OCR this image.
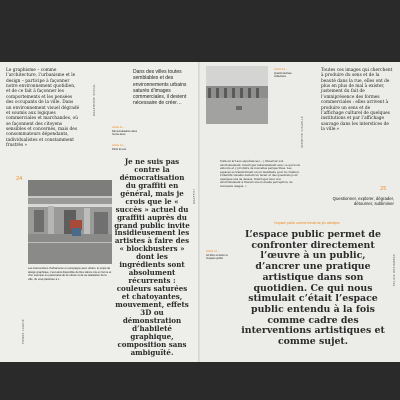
Le graphisme – comme l’architecture, l’urbanisme et le design – participe à façonner notre environnement quotidien, et de ce fait à façonner les comportements et les pensées des occupants de la ville. Dans un environnement visuel dégradé et soumis aux logiques commerciales et marchandes, où se façonnent des citoyens sensibles et concernés, mais des consommateurs dépendants, individualistes et constamment frustrés »
GRAPHISME SOCIAL
Dans des villes toutes semblables et des environnements urbains saturés d’images commerciales, il devient nécessaire de créer…
Article 11 –
Démocratisation dans l’entre-deux
Article 12 –
Partir le tout
24
PIERRE LARDIC
Les interventions d’urbanisme en campagne avec urbain, le projet de design graphique, il est ainsi disponible de Des Héros mis en forme et d’un exemple en partenariat de la culture et de sa réalisation de la ville, du veut plasticien à c.
Je ne suis pas contre la démocratisation du graffiti en général, mais je crois que le « succès » actuel du graffiti auprès du grand public invite insidieusement les artistes à faire des « blockbusters » dont les ingrédients sont absolument récurrents : couleurs saturées et chatoyantes, mouvement, effets 3D ou démonstration d’habileté graphique, composition sans ambiguïté.
GRAFFITI
Article 13 –
Quant’inactives collectives
IDENTITÉ VISUELLE
Toutes ces images qui cherchent à produire du sens et de la beauté dans la rue, elles ont de plus en plus de mal à exister, justement du fait de l’omniprésence des formes commerciales : elles arrivent à produire un sens et de l’affichage culturel de quelques institutions et par l’affichage sauvage dans les interstices de la ville.»
Voilà un art aux expériences (…) Observer son environnement, interroger naturellement avec ce qui nous entoure et y produire de nouvelles perspectives. Les espaces se transforment en un manifeste pour la création. L’identité visuelle devient un levier et des questions pour quelques-uns de dessus. Interroger avec son environnement à travers une nouvelle perception, de nouveaux usages. »
25
Questionner, explorer, dégrader, détourner, subliminer
l’espace public comme terrain de jeu artistique
Article 14 –
Art libre et action à l’espace public
L’espace public permet de confronter directement l’œuvre à un public, d’ancrer une pratique artistique dans son quotidien. Ce qui nous stimulait c’était l’espace public entendu à la fois comme cadre des interventions artistiques et comme sujet.
ÉCLAIR DESIGNERS
